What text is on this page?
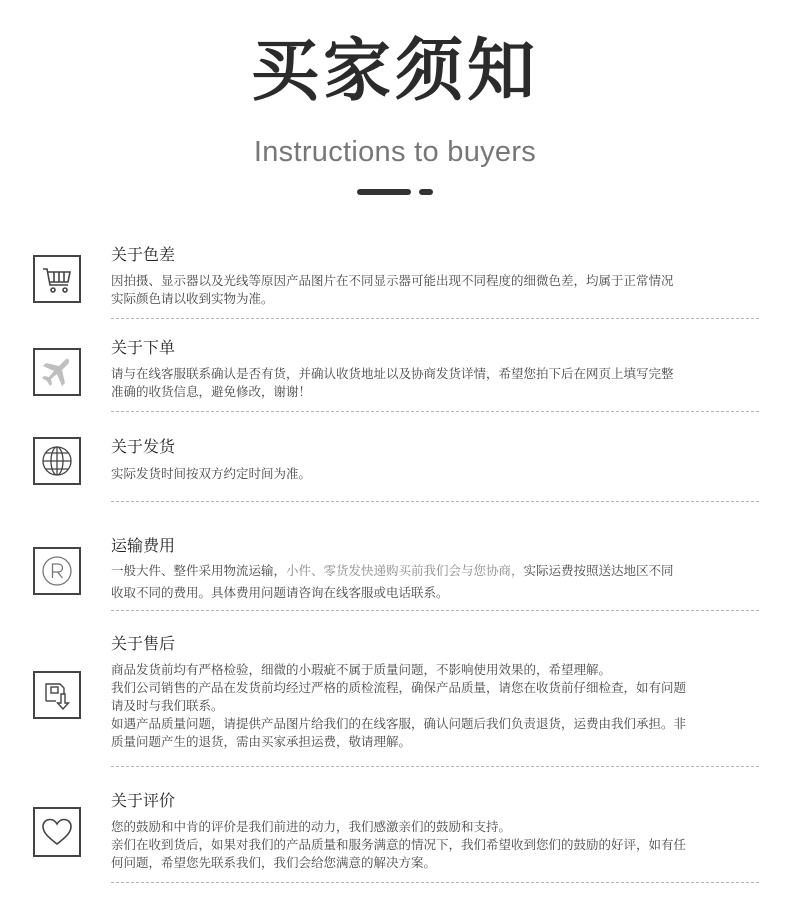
买家须知
Instructions to buyers
关于色差

因拍摄、显示器以及光线等原因产品图片在不同显示器可能出现不同程度的细微色差，均属于正常情况

实际颜色请以收到实物为准。

关于下单

请与在线客服联系确认是否有货，并确认收货地址以及协商发货详情，希望您拍下后在网页上填写完整

准确的收货信息，避免修改，谢谢！

关于发货

实际发货时间按双方约定时间为准。

运输费用

一般大件、整件采用物流运输，小件、零货发快递购买前我们会与您协商，实际运费按照送达地区不同

收取不同的费用。具体费用问题请咨询在线客服或电话联系。

关于售后

商品发货前均有严格检验，细微的小瑕疵不属于质量问题，不影响使用效果的，希望理解。

我们公司销售的产品在发货前均经过严格的质检流程，确保产品质量，请您在收货前仔细检查，如有问题

请及时与我们联系。

如遇产品质量问题，请提供产品图片给我们的在线客服，确认问题后我们负责退货，运费由我们承担。非

质量问题产生的退货，需由买家承担运费，敬请理解。

关于评价

您的鼓励和中肯的评价是我们前进的动力，我们感激亲们的鼓励和支持。

亲们在收到货后，如果对我们的产品质量和服务满意的情况下，我们希望收到您们的鼓励的好评，如有任

何问题，希望您先联系我们，我们会给您满意的解决方案。
